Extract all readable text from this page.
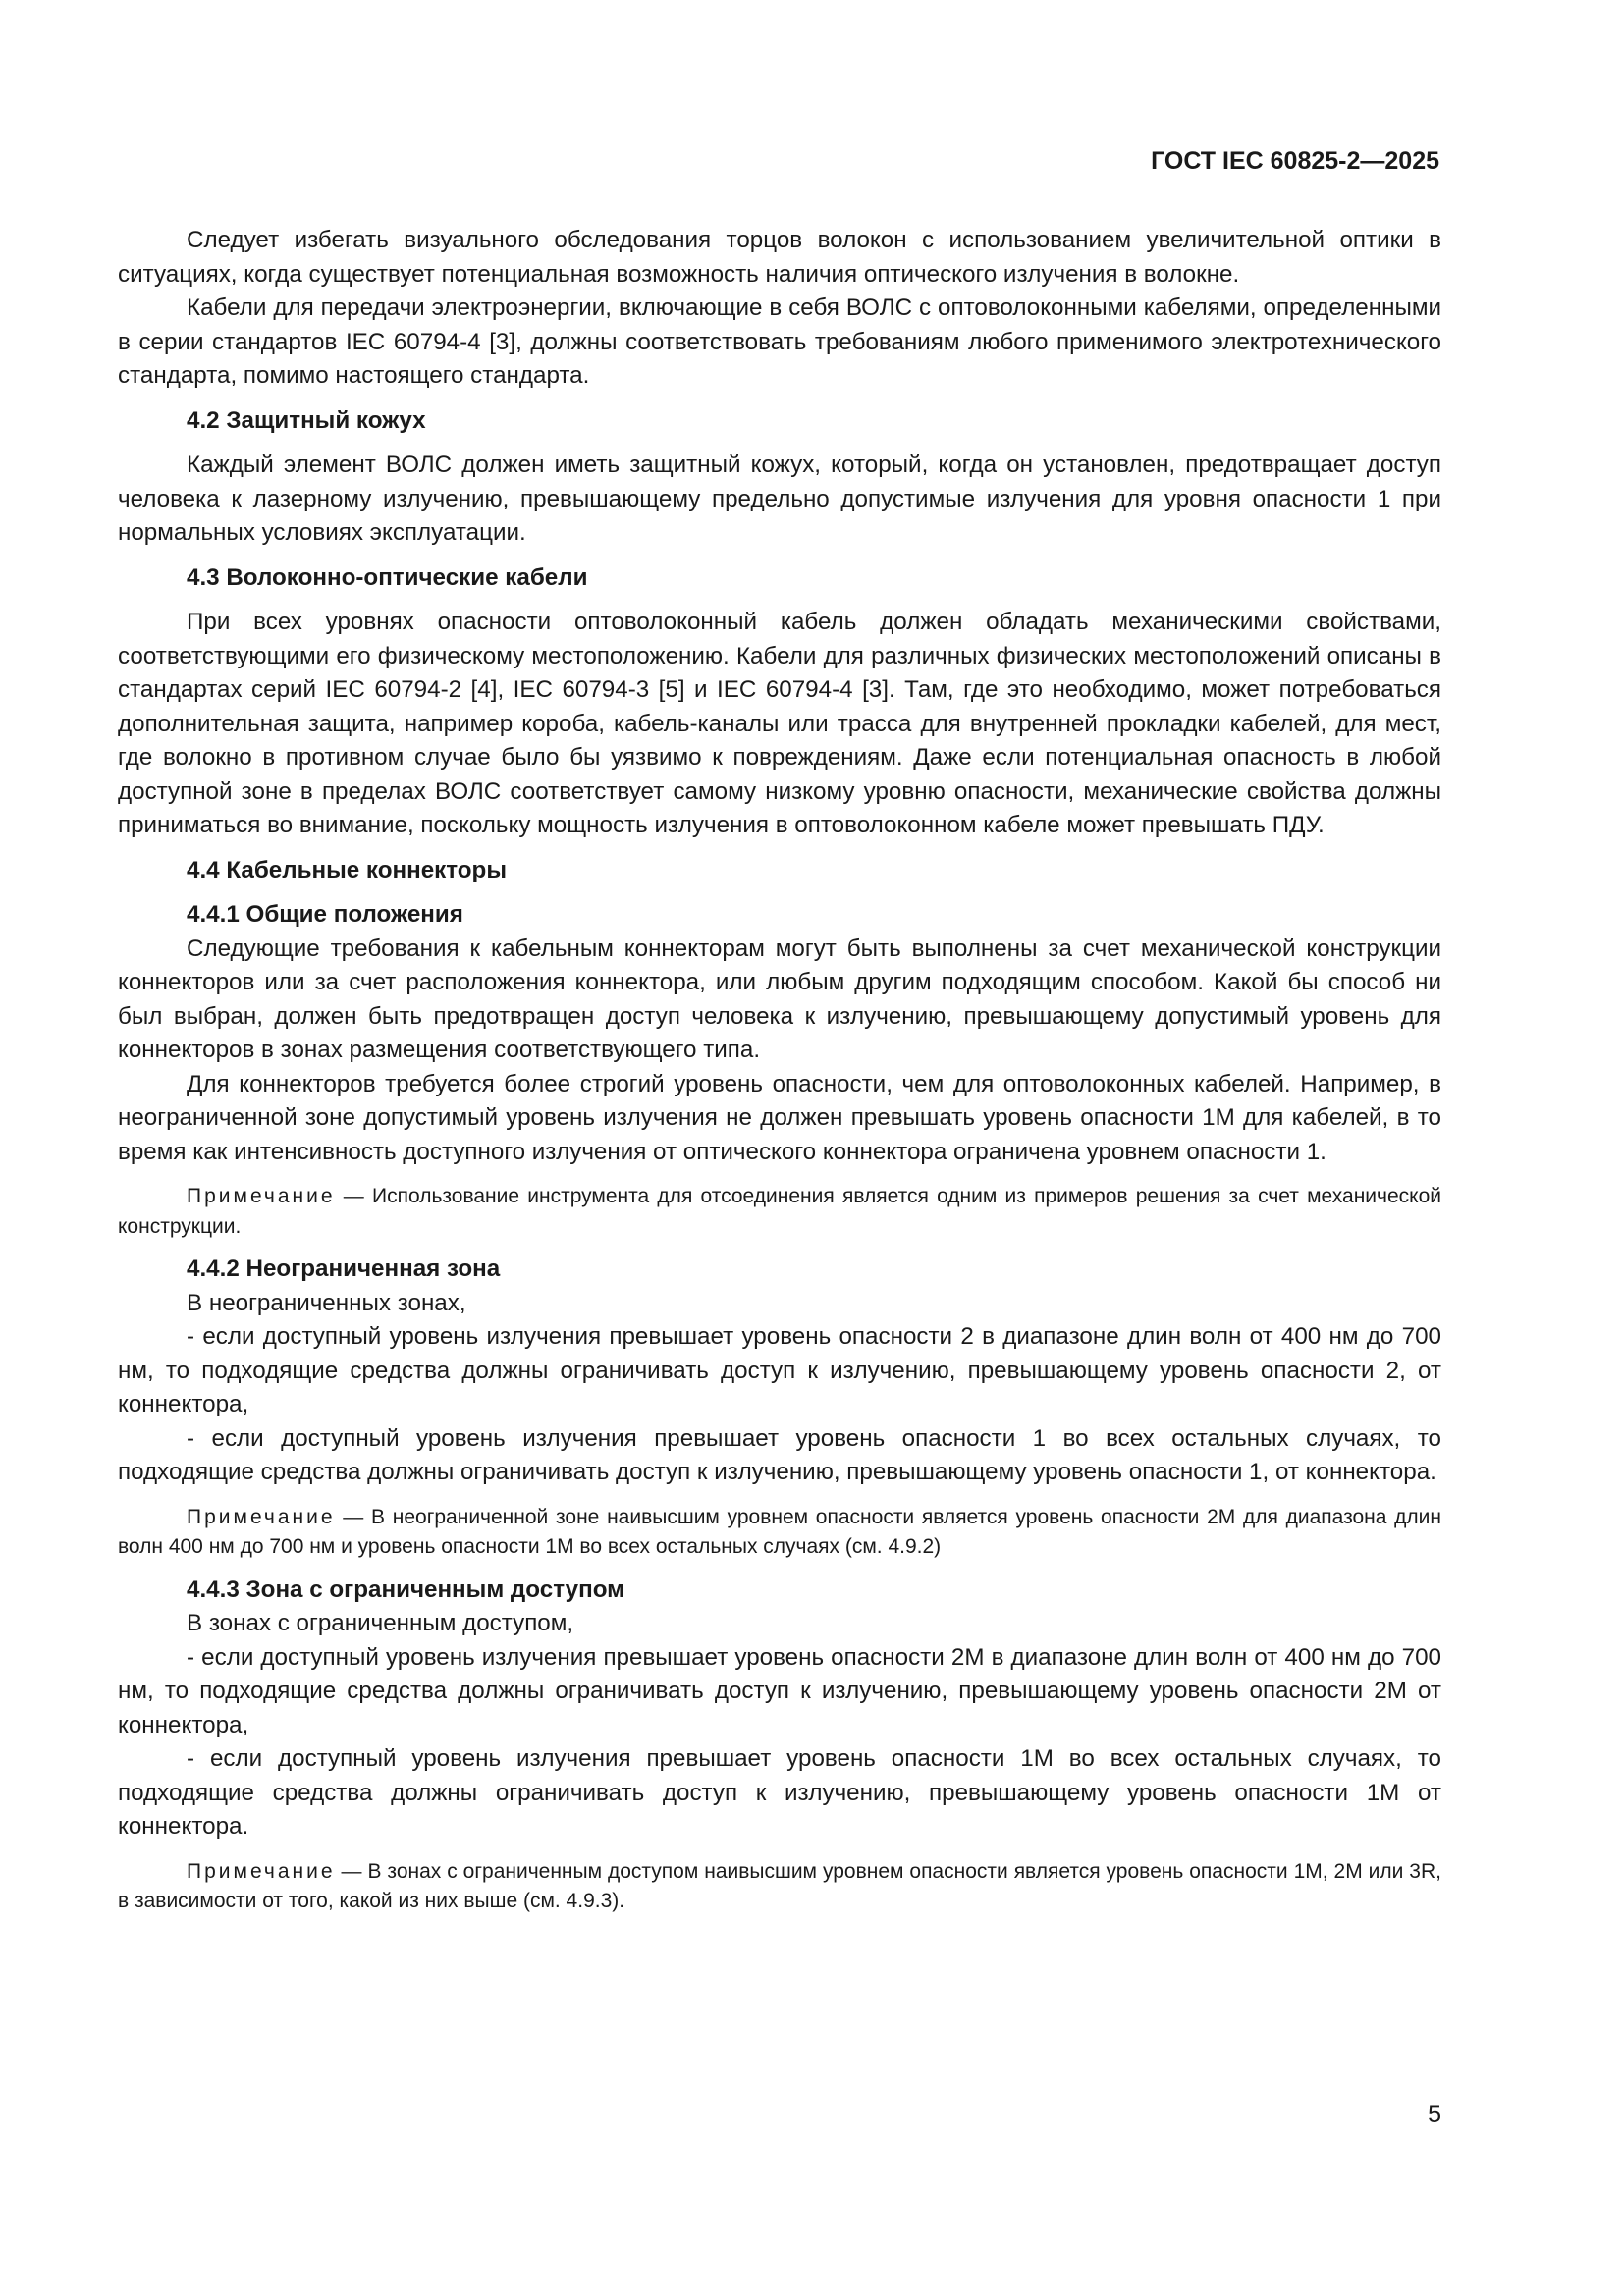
ГОСТ IEC 60825-2—2025

Следует избегать визуального обследования торцов волокон с использованием увеличительной оптики в ситуациях, когда существует потенциальная возможность наличия оптического излучения в волокне.

Кабели для передачи электроэнергии, включающие в себя ВОЛС с оптоволоконными кабелями, определенными в серии стандартов IEC 60794-4 [3], должны соответствовать требованиям любого применимого электротехнического стандарта, помимо настоящего стандарта.

4.2 Защитный кожух

Каждый элемент ВОЛС должен иметь защитный кожух, который, когда он установлен, предотвращает доступ человека к лазерному излучению, превышающему предельно допустимые излучения для уровня опасности 1 при нормальных условиях эксплуатации.

4.3 Волоконно-оптические кабели

При всех уровнях опасности оптоволоконный кабель должен обладать механическими свойствами, соответствующими его физическому местоположению. Кабели для различных физических местоположений описаны в стандартах серий IEC 60794-2 [4], IEC 60794-3 [5] и IEC 60794-4 [3]. Там, где это необходимо, может потребоваться дополнительная защита, например короба, кабель-каналы или трасса для внутренней прокладки кабелей, для мест, где волокно в противном случае было бы уязвимо к повреждениям. Даже если потенциальная опасность в любой доступной зоне в пределах ВОЛС соответствует самому низкому уровню опасности, механические свойства должны приниматься во внимание, поскольку мощность излучения в оптоволоконном кабеле может превышать ПДУ.

4.4 Кабельные коннекторы

4.4.1 Общие положения

Следующие требования к кабельным коннекторам могут быть выполнены за счет механической конструкции коннекторов или за счет расположения коннектора, или любым другим подходящим способом. Какой бы способ ни был выбран, должен быть предотвращен доступ человека к излучению, превышающему допустимый уровень для коннекторов в зонах размещения соответствующего типа.

Для коннекторов требуется более строгий уровень опасности, чем для оптоволоконных кабелей. Например, в неограниченной зоне допустимый уровень излучения не должен превышать уровень опасности 1M для кабелей, в то время как интенсивность доступного излучения от оптического коннектора ограничена уровнем опасности 1.

Примечание — Использование инструмента для отсоединения является одним из примеров решения за счет механической конструкции.

4.4.2 Неограниченная зона

В неограниченных зонах,

- если доступный уровень излучения превышает уровень опасности 2 в диапазоне длин волн от 400 нм до 700 нм, то подходящие средства должны ограничивать доступ к излучению, превышающему уровень опасности 2, от коннектора,

- если доступный уровень излучения превышает уровень опасности 1 во всех остальных случаях, то подходящие средства должны ограничивать доступ к излучению, превышающему уровень опасности 1, от коннектора.

Примечание — В неограниченной зоне наивысшим уровнем опасности является уровень опасности 2M для диапазона длин волн 400 нм до 700 нм и уровень опасности 1M во всех остальных случаях (см. 4.9.2)

4.4.3 Зона с ограниченным доступом

В зонах с ограниченным доступом,

- если доступный уровень излучения превышает уровень опасности 2M в диапазоне длин волн от 400 нм до 700 нм, то подходящие средства должны ограничивать доступ к излучению, превышающему уровень опасности 2M от коннектора,

- если доступный уровень излучения превышает уровень опасности 1M во всех остальных случаях, то подходящие средства должны ограничивать доступ к излучению, превышающему уровень опасности 1M от коннектора.

Примечание — В зонах с ограниченным доступом наивысшим уровнем опасности является уровень опасности 1M, 2M или 3R, в зависимости от того, какой из них выше (см. 4.9.3).

5
